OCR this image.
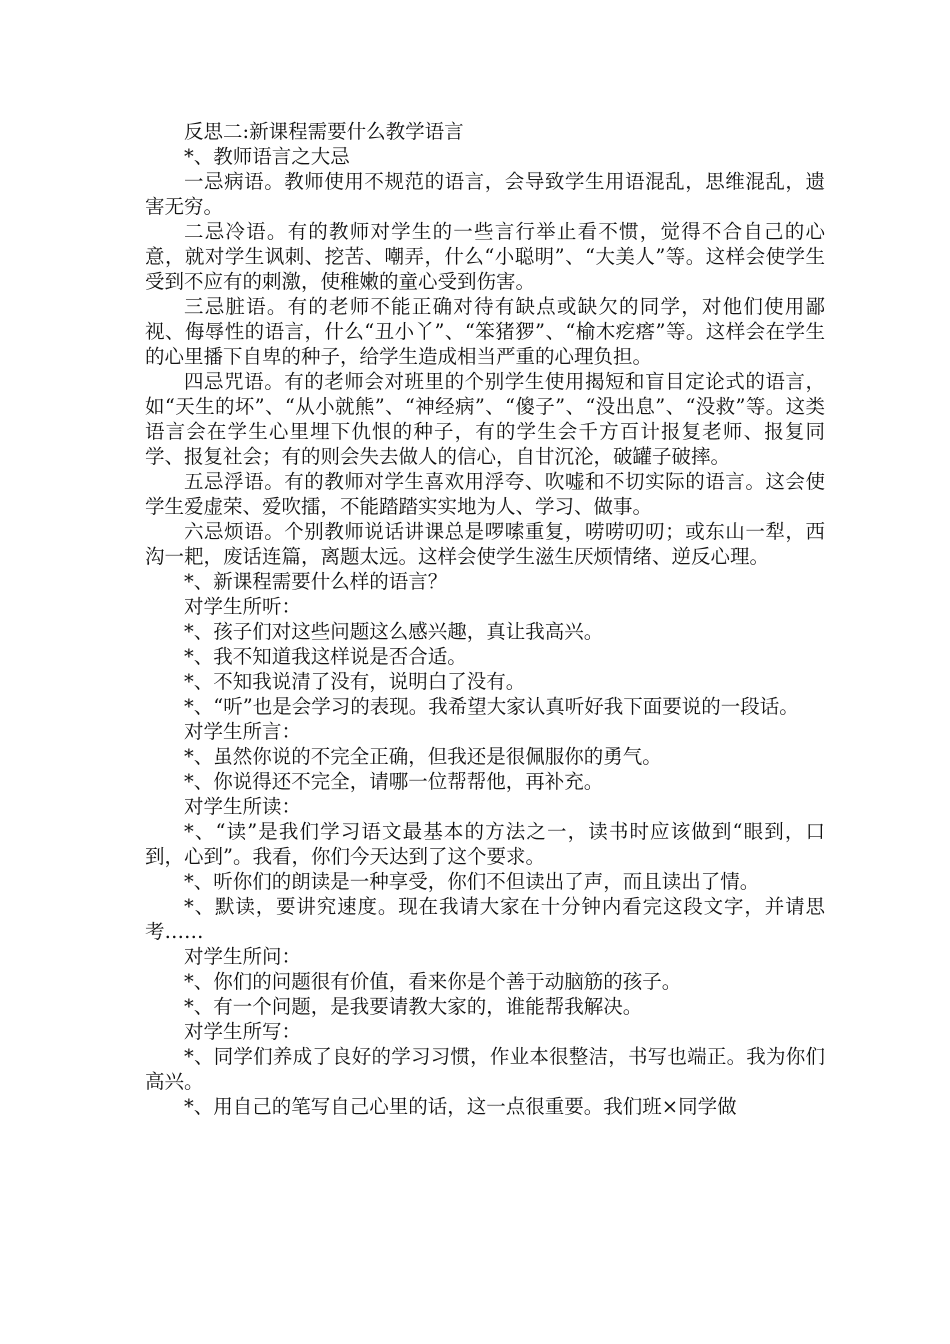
反思二:新课程需要什么教学语言

*、教师语言之大忌

一忌病语。教师使用不规范的语言，会导致学生用语混乱，思维混乱，遗害无穷。

二忌冷语。有的教师对学生的一些言行举止看不惯，觉得不合自己的心意，就对学生讽刺、挖苦、嘲弄，什么“小聪明”、“大美人”等。这样会使学生受到不应有的刺激，使稚嫩的童心受到伤害。

三忌脏语。有的老师不能正确对待有缺点或缺欠的同学，对他们使用鄙视、侮辱性的语言，什么“丑小丫”、“笨猪猡”、“榆木疙瘩”等。这样会在学生的心里播下自卑的种子，给学生造成相当严重的心理负担。

四忌咒语。有的老师会对班里的个别学生使用揭短和盲目定论式的语言，如“天生的坏”、“从小就熊”、“神经病”、“傻子”、“没出息”、“没救”等。这类语言会在学生心里埋下仇恨的种子，有的学生会千方百计报复老师、报复同学、报复社会；有的则会失去做人的信心，自甘沉沦，破罐子破摔。

五忌浮语。有的教师对学生喜欢用浮夸、吹嘘和不切实际的语言。这会使学生爱虚荣、爱吹擂，不能踏踏实实地为人、学习、做事。

六忌烦语。个别教师说话讲课总是啰嗦重复，唠唠叨叨；或东山一犁，西沟一耙，废话连篇，离题太远。这样会使学生滋生厌烦情绪、逆反心理。

*、新课程需要什么样的语言？

对学生所听：

*、孩子们对这些问题这么感兴趣，真让我高兴。

*、我不知道我这样说是否合适。

*、不知我说清了没有，说明白了没有。

*、“听”也是会学习的表现。我希望大家认真听好我下面要说的一段话。

对学生所言：

*、虽然你说的不完全正确，但我还是很佩服你的勇气。

*、你说得还不完全，请哪一位帮帮他，再补充。

对学生所读：

*、“读”是我们学习语文最基本的方法之一，读书时应该做到“眼到，口到，心到”。我看，你们今天达到了这个要求。

*、听你们的朗读是一种享受，你们不但读出了声，而且读出了情。

*、默读，要讲究速度。现在我请大家在十分钟内看完这段文字，并请思考……

对学生所问：

*、你们的问题很有价值，看来你是个善于动脑筋的孩子。

*、有一个问题，是我要请教大家的，谁能帮我解决。

对学生所写：

*、同学们养成了良好的学习习惯，作业本很整洁，书写也端正。我为你们高兴。

*、用自己的笔写自己心里的话，这一点很重要。我们班×同学做
